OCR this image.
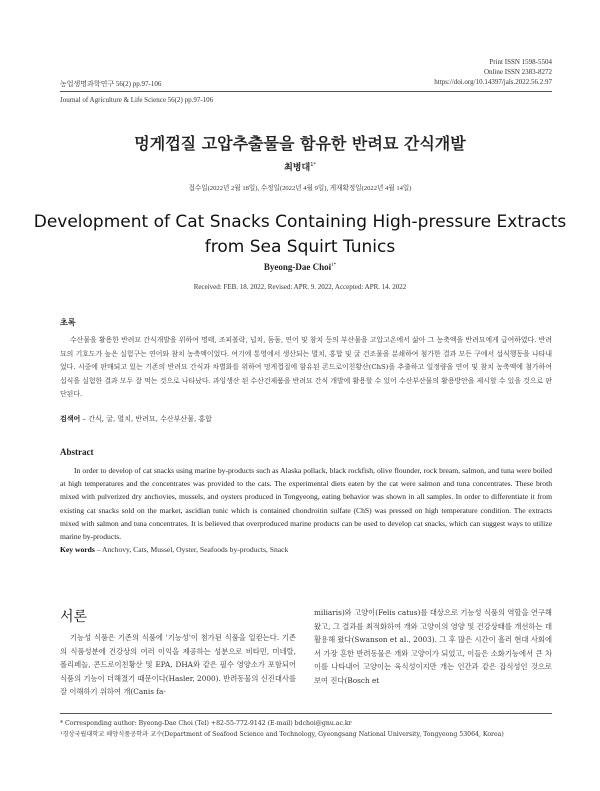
Print ISSN 1598-5504
Online ISSN 2383-8272
https://doi.org/10.14397/jals.2022.56.2.97
농업생명과학연구 56(2) pp.97-106
Journal of Agriculture & Life Science 56(2) pp.97-106
멍게껍질 고압추출물을 함유한 반려묘 간식개발
최병대$^{1*}$
접수일(2022년 2월 18일), 수정일(2022년 4월 9일), 게재확정일(2022년 4월 14일)
Development of Cat Snacks Containing High-pressure Extracts
from Sea Squirt Tunics
Byeong-Dae Choi$^{1*}$
Received: FEB. 18. 2022, Revised: APR. 9. 2022, Accepted: APR. 14. 2022
초록
수산물을 활용한 반려묘 간식개발을 위하여 명태, 조피볼락, 넙치, 돔돔, 연어 및 참치 등의 부산물을 고압고온에서 삶아 그 농축액을 반려묘에게 급여하였다. 반려묘의 기호도가 높은 실험구는 연어와 참치 농축액이었다. 여기에 통영에서 생산되는 멸치, 홍합 및 굴 건조물을 분쇄하여 첨가한 결과 모든 구에서 섭식행동을 나타내었다. 시중에 판매되고 있는 기존의 반려묘 간식과 차별화를 위하여 멍게껍질에 함유된 콘드로이친황산(ChS)을 추출하고 일정량을 연어 및 참치 농축액에 첨가하여 섭식을 실험한 결과 모두 잘 먹는 것으로 나타났다. 과잉생산 된 수산건제품을 반려묘 간식 개발에 활용할 수 있어 수산부산물의 활용방안을 제시할 수 있을 것으로 판단된다.
검색어 – 간식, 굴, 멸치, 반려묘, 수산부산물, 홍합
Abstract
In order to develop of cat snacks using marine by-products such as Alaska pollack, black rockfish, olive flounder, rock bream, salmon, and tuna were boiled at high temperatures and the concentrates was provided to the cats. The experimental diets eaten by the cat were salmon and tuna concentrates. These broth mixed with pulverized dry anchovies, mussels, and oysters produced in Tongyeong, eating behavior was shown in all samples. In order to differentiate it from existing cat snacks sold on the market, ascidian tunic which is contained chondroitin sulfate (ChS) was pressed on high temperature condition. The extracts mixed with salmon and tuna concentrates. It is believed that overproduced marine products can be used to develop cat snacks, which can suggest ways to utilize marine by-products.
Key words – Anchovy, Cats, Mussel, Oyster, Seafoods by-products, Snack
서론
기능성 식품은 기존의 식품에 '기능성'이 첨가된 식품을 일컫는다. 기존의 식품성분에 건강상의 여러 이익을 제공하는 성분으로 비타민, 미네랄, 폴리페놀, 콘드로이친황산 및 EPA, DHA와 같은 필수 영양소가 포함되어 식품의 기능이 더해졌기 때문이다(Hasler, 2000). 반려동물의 신진대사를 잘 이해하기 위하여 개(Canis fa-
miliaris)와 고양이(Felis catus)를 대상으로 기능성 식품의 역할을 연구해 왔고, 그 결과를 최적화하여 개와 고양이의 영양 및 건강상태를 개선하는 데 활용해 왔다(Swanson et al., 2003). 그 후 많은 시간이 흘러 현대 사회에서 가장 흔한 반려동물은 개와 고양이가 되었고, 이들은 소화기능에서 큰 차이를 나타내어 고양이는 육식성이지만 개는 인간과 같은 잡식성인 것으로 보여 진다(Bosch et
* Corresponding author: Byeong-Dae Choi (Tel) +82-55-772-9142 (E-mail) bdchoi@gnu.ac.kr
¹경상국립대학교 해양식품공학과 교수(Department of Seafood Science and Technology, Gyeongsang National University, Tongyeong 53064, Korea)
